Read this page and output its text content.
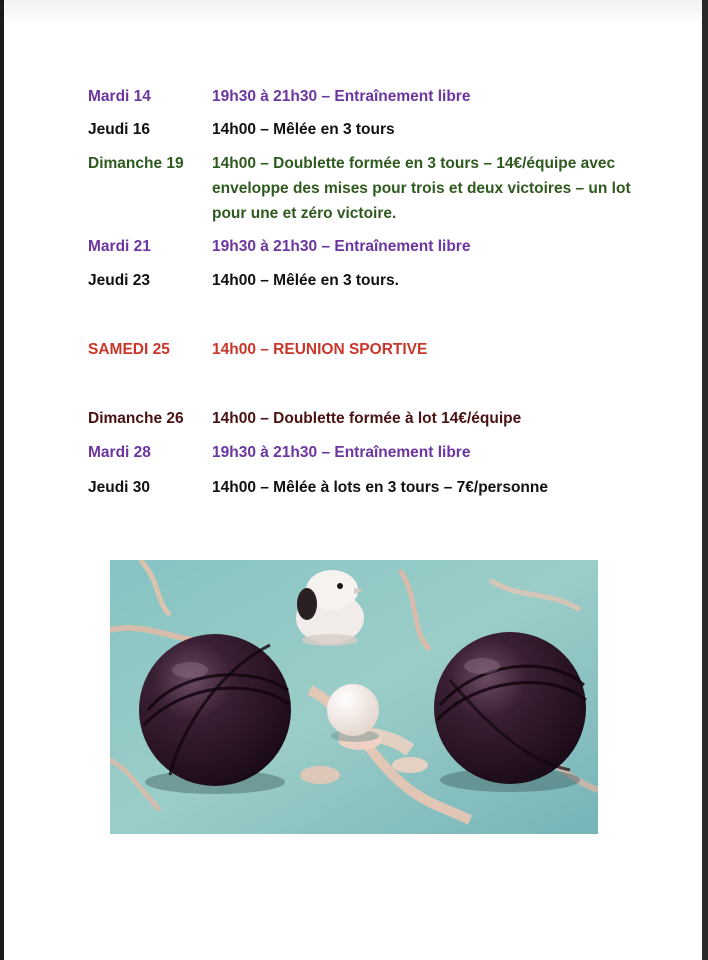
Mardi 14	19h30 à 21h30 – Entraînement libre
Jeudi 16	14h00 – Mêlée en 3 tours
Dimanche 19	14h00 – Doublette formée en 3 tours – 14€/équipe avec enveloppe des mises pour trois et deux victoires – un lot pour une et zéro victoire.
Mardi 21	19h30 à 21h30 – Entraînement libre
Jeudi 23	14h00 – Mêlée en 3 tours.
SAMEDI 25	14h00 – REUNION SPORTIVE
Dimanche 26	14h00 – Doublette formée à lot 14€/équipe
Mardi 28	19h30 à 21h30 – Entraînement libre
Jeudi 30	14h00 – Mêlée à lots en 3 tours – 7€/personne
